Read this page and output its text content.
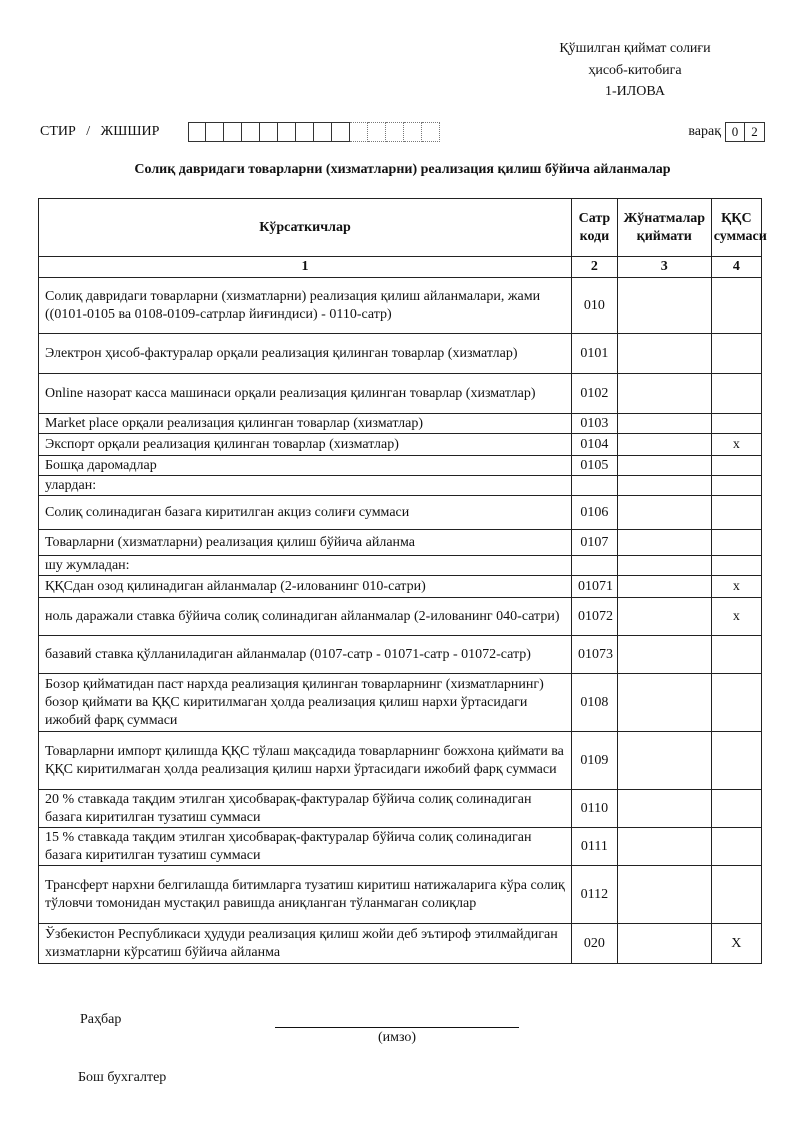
Қўшилган қиймат солиғи
ҳисоб-китобига
1-ИЛОВА
СТИР   /   ЖШШИР	варақ 0	2
Солиқ давридаги товарларни (хизматларни) реализация қилиш бўйича айланмалар
Кўрсаткичлар	Сатр коди	Жўнатмалар қиймати	ҚҚС суммаси
1	2	3	4
Солиқ давридаги товарларни (хизматларни) реализация қилиш айланмалари, жами ((0101-0105 ва 0108-0109-сатрлар йиғиндиси) - 0110-сатр)	010		
Электрон ҳисоб-фактуралар орқали реализация қилинган товарлар (хизматлар)	0101		
Online назорат касса машинаси орқали реализация қилинган товарлар (хизматлар)	0102		
Market place орқали реализация қилинган товарлар (хизматлар)	0103		
Экспорт орқали реализация қилинган товарлар (хизматлар)	0104		x
Бошқа даромадлар	0105		
улардан:			
Солиқ солинадиган базага киритилган акциз солиғи суммаси	0106		
Товарларни (хизматларни) реализация қилиш бўйича айланма	0107		
шу жумладан:			
ҚҚСдан озод қилинадиган айланмалар (2-илованинг 010-сатри)	01071		x
ноль даражали ставка бўйича солиқ солинадиган айланмалар (2-илованинг 040-сатри)	01072		x
базавий ставка қўлланиладиган айланмалар (0107-сатр - 01071-сатр - 01072-сатр)	01073		
Бозор қийматидан паст нархда реализация қилинган товарларнинг (хизматларнинг) бозор қиймати ва ҚҚС киритилмаган ҳолда реализация қилиш нархи ўртасидаги ижобий фарқ суммаси	0108		
Товарларни импорт қилишда ҚҚС тўлаш мақсадида товарларнинг божхона қиймати ва ҚҚС киритилмаган ҳолда реализация қилиш нархи ўртасидаги ижобий фарқ суммаси	0109		
20 % ставкада тақдим этилган ҳисобварақ-фактуралар бўйича солиқ солинадиган базага киритилган тузатиш суммаси	0110		
15 % ставкада тақдим этилган ҳисобварақ-фактуралар бўйича солиқ солинадиган базага киритилган тузатиш суммаси	0111		
Трансферт нархни белгилашда битимларга тузатиш киритиш натижаларига кўра солиқ тўловчи томонидан мустақил равишда аниқланган тўланмаган солиқлар	0112		
Ўзбекистон Республикаси ҳудуди реализация қилиш жойи деб эътироф этилмайдиган хизматларни кўрсатиш бўйича айланма	020		X
Раҳбар
(имзо)
Бош бухгалтер
